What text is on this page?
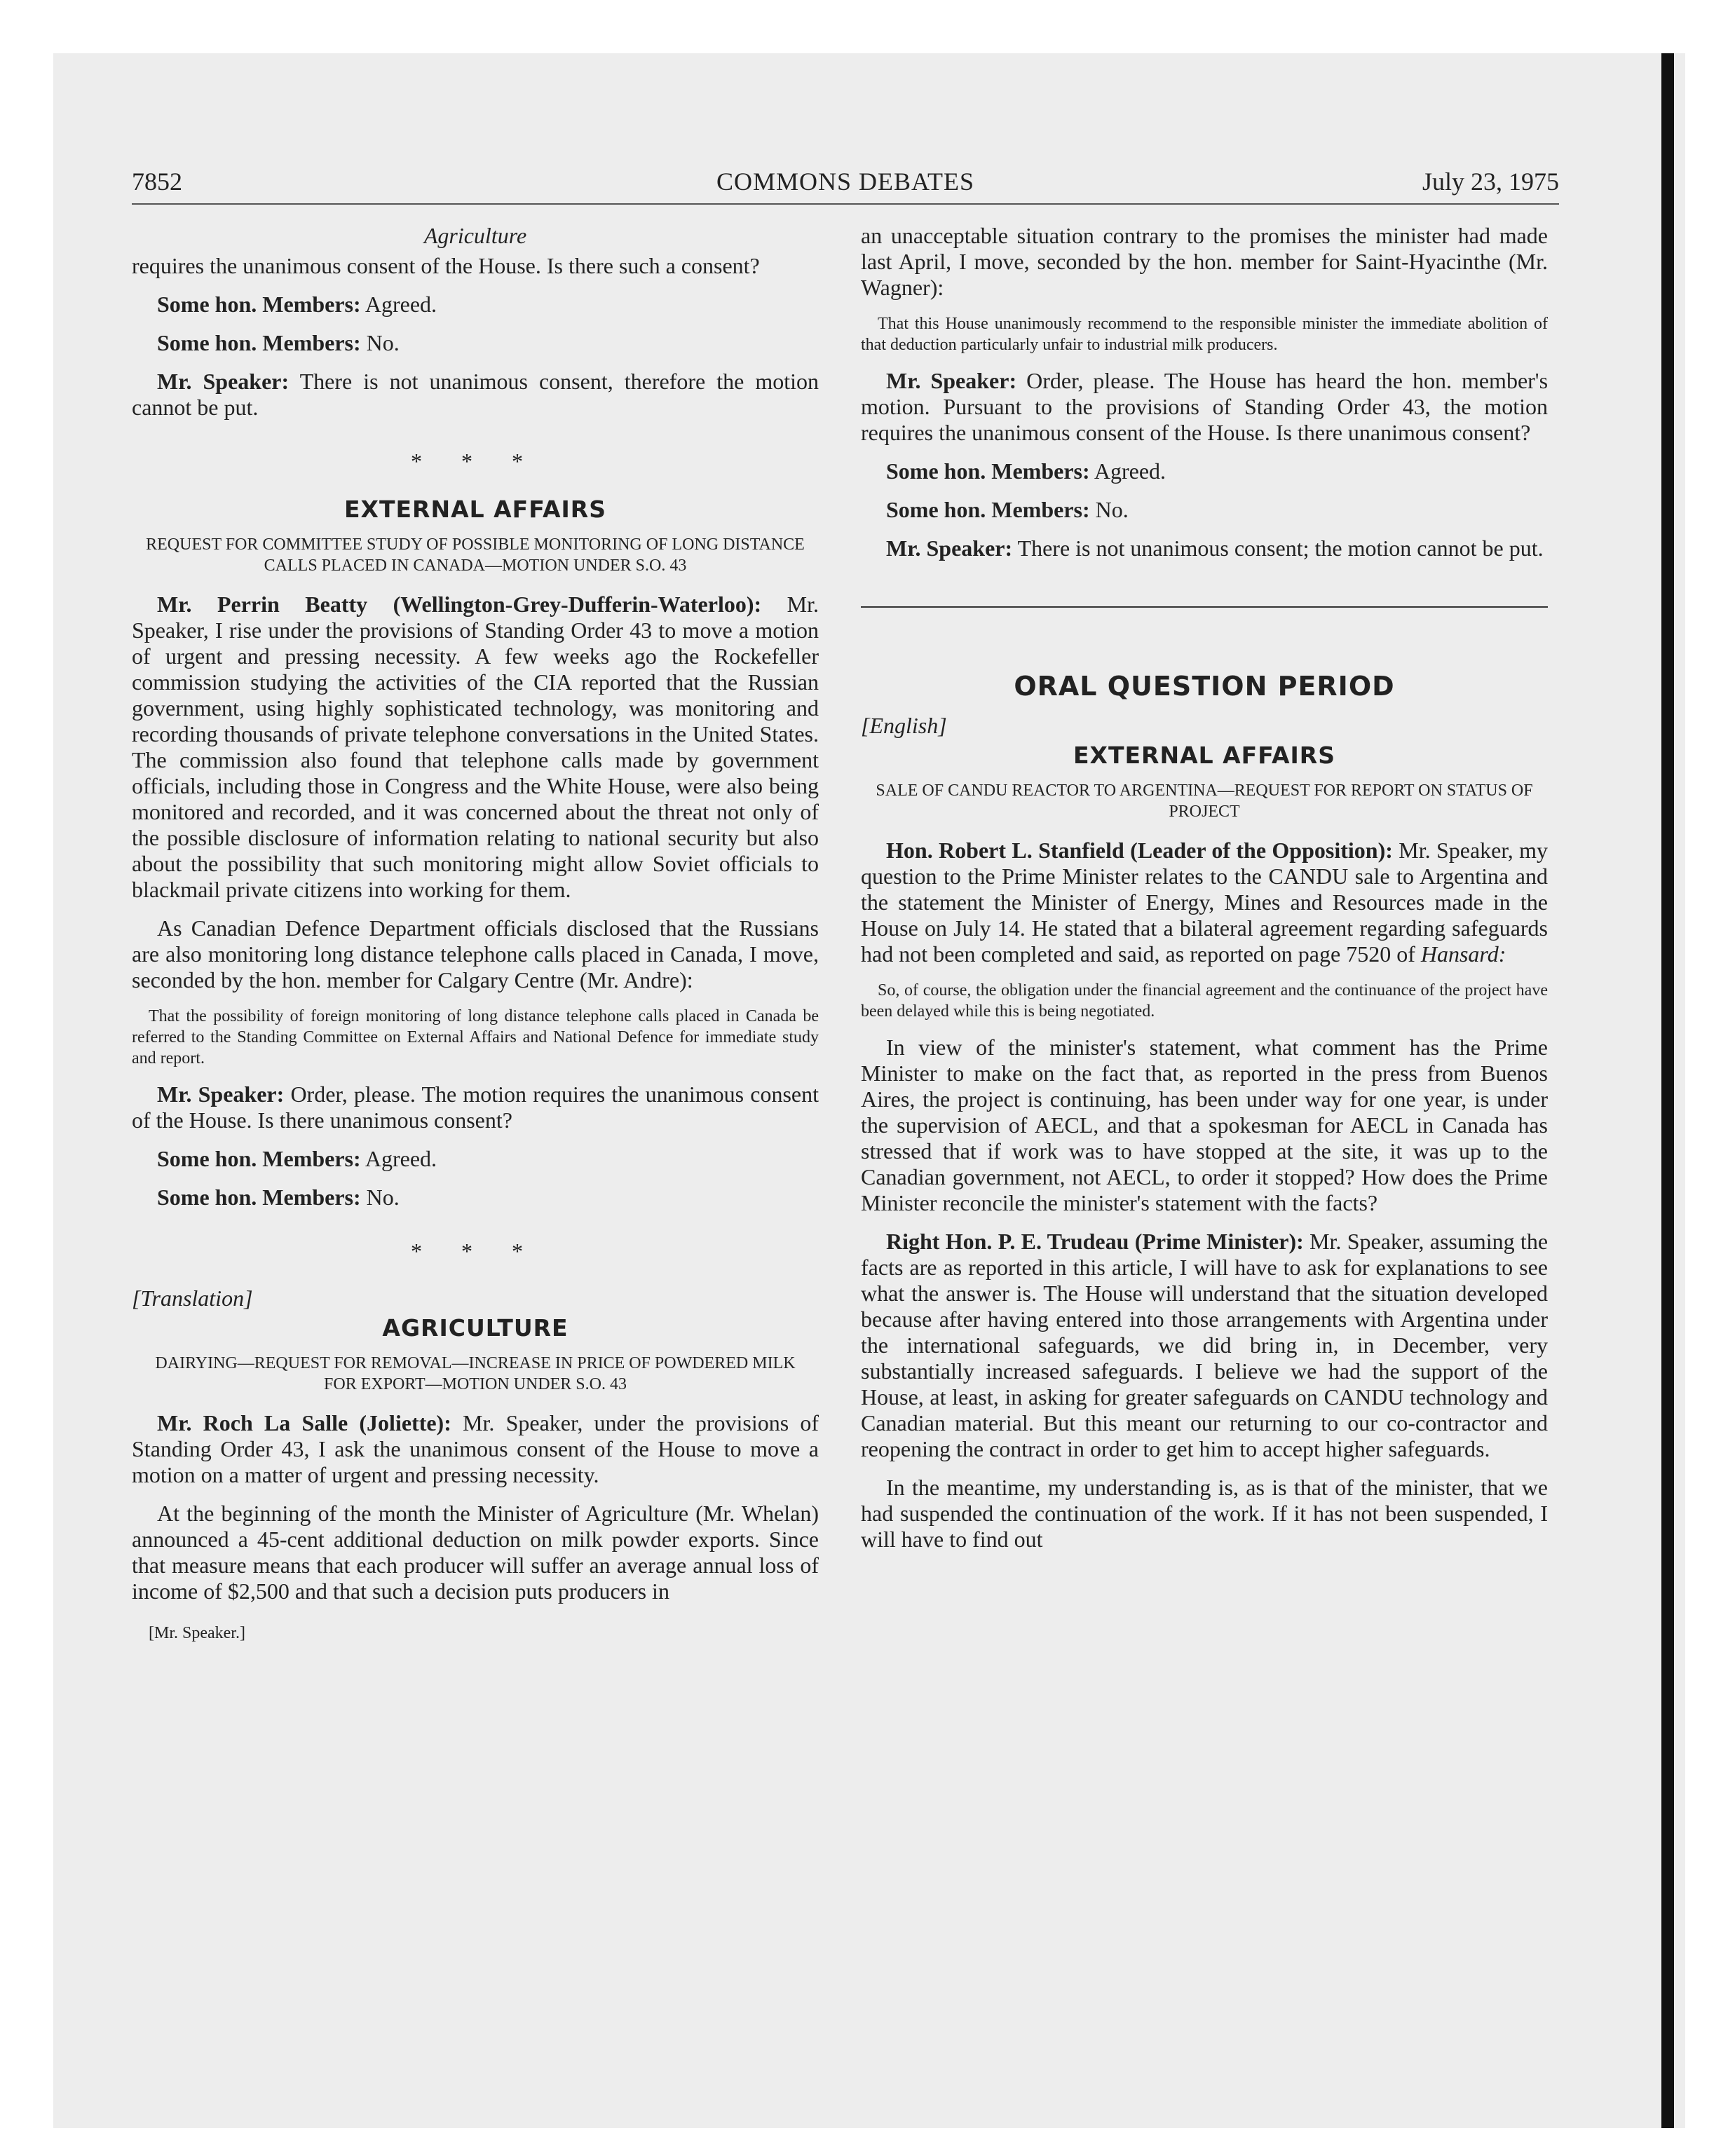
COMMONS DEBATES
7852	July 23, 1975
Agriculture

requires the unanimous consent of the House. Is there such a consent?

Some hon. Members: Agreed.

Some hon. Members: No.

Mr. Speaker: There is not unanimous consent, therefore the motion cannot be put.

* * *
EXTERNAL AFFAIRS
REQUEST FOR COMMITTEE STUDY OF POSSIBLE MONITORING OF LONG DISTANCE CALLS PLACED IN CANADA—MOTION UNDER S.O. 43

Mr. Perrin Beatty (Wellington-Grey-Dufferin-Waterloo): Mr. Speaker, I rise under the provisions of Standing Order 43 to move a motion of urgent and pressing necessity. A few weeks ago the Rockefeller commission studying the activities of the CIA reported that the Russian government, using highly sophisticated technology, was monitoring and recording thousands of private telephone conversations in the United States. The commission also found that telephone calls made by government officials, including those in Congress and the White House, were also being monitored and recorded, and it was concerned about the threat not only of the possible disclosure of information relating to national security but also about the possibility that such monitoring might allow Soviet officials to blackmail private citizens into working for them.

As Canadian Defence Department officials disclosed that the Russians are also monitoring long distance telephone calls placed in Canada, I move, seconded by the hon. member for Calgary Centre (Mr. Andre):

That the possibility of foreign monitoring of long distance telephone calls placed in Canada be referred to the Standing Committee on External Affairs and National Defence for immediate study and report.

Mr. Speaker: Order, please. The motion requires the unanimous consent of the House. Is there unanimous consent?

Some hon. Members: Agreed.

Some hon. Members: No.

* * *
[Translation]
AGRICULTURE
DAIRYING—REQUEST FOR REMOVAL—INCREASE IN PRICE OF POWDERED MILK FOR EXPORT—MOTION UNDER S.O. 43

Mr. Roch La Salle (Joliette): Mr. Speaker, under the provisions of Standing Order 43, I ask the unanimous consent of the House to move a motion on a matter of urgent and pressing necessity.

At the beginning of the month the Minister of Agriculture (Mr. Whelan) announced a 45-cent additional deduction on milk powder exports. Since that measure means that each producer will suffer an average annual loss of income of $2,500 and that such a decision puts producers in

[Mr. Speaker.]

an unacceptable situation contrary to the promises the minister had made last April, I move, seconded by the hon. member for Saint-Hyacinthe (Mr. Wagner):

That this House unanimously recommend to the responsible minister the immediate abolition of that deduction particularly unfair to industrial milk producers.

Mr. Speaker: Order, please. The House has heard the hon. member's motion. Pursuant to the provisions of Standing Order 43, the motion requires the unanimous consent of the House. Is there unanimous consent?

Some hon. Members: Agreed.

Some hon. Members: No.

Mr. Speaker: There is not unanimous consent; the motion cannot be put.

ORAL QUESTION PERIOD
[English]
EXTERNAL AFFAIRS
SALE OF CANDU REACTOR TO ARGENTINA—REQUEST FOR REPORT ON STATUS OF PROJECT

Hon. Robert L. Stanfield (Leader of the Opposition): Mr. Speaker, my question to the Prime Minister relates to the CANDU sale to Argentina and the statement the Minister of Energy, Mines and Resources made in the House on July 14. He stated that a bilateral agreement regarding safeguards had not been completed and said, as reported on page 7520 of Hansard:

So, of course, the obligation under the financial agreement and the continuance of the project have been delayed while this is being negotiated.

In view of the minister's statement, what comment has the Prime Minister to make on the fact that, as reported in the press from Buenos Aires, the project is continuing, has been under way for one year, is under the supervision of AECL, and that a spokesman for AECL in Canada has stressed that if work was to have stopped at the site, it was up to the Canadian government, not AECL, to order it stopped? How does the Prime Minister reconcile the minister's statement with the facts?

Right Hon. P. E. Trudeau (Prime Minister): Mr. Speaker, assuming the facts are as reported in this article, I will have to ask for explanations to see what the answer is. The House will understand that the situation developed because after having entered into those arrangements with Argentina under the international safeguards, we did bring in, in December, very substantially increased safeguards. I believe we had the support of the House, at least, in asking for greater safeguards on CANDU technology and Canadian material. But this meant our returning to our co-contractor and reopening the contract in order to get him to accept higher safeguards.

In the meantime, my understanding is, as is that of the minister, that we had suspended the continuation of the work. If it has not been suspended, I will have to find out
